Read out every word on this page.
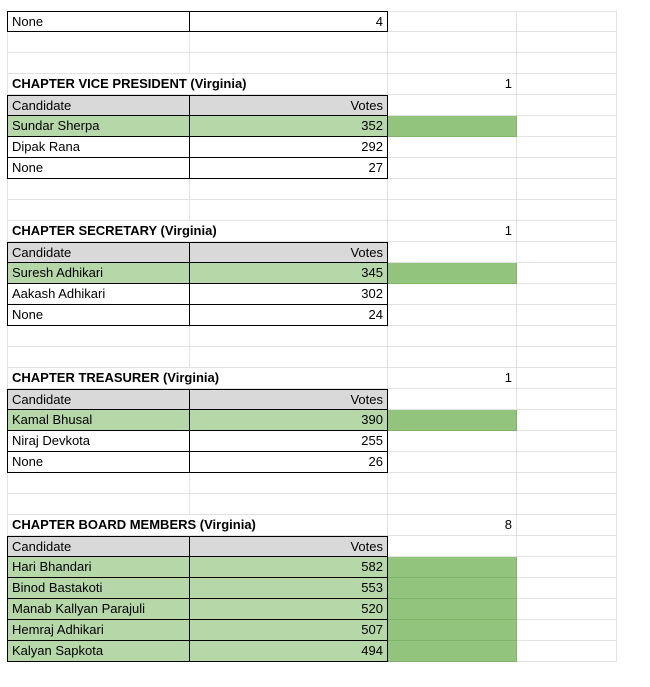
None	4
CHAPTER VICE PRESIDENT (Virginia)	1
Candidate	Votes
Sundar Sherpa	352
Dipak Rana	292
None	27
CHAPTER SECRETARY (Virginia)	1
Candidate	Votes
Suresh Adhikari	345
Aakash Adhikari	302
None	24
CHAPTER TREASURER (Virginia)	1
Candidate	Votes
Kamal Bhusal	390
Niraj Devkota	255
None	26
CHAPTER BOARD MEMBERS (Virginia)	8
Candidate	Votes
Hari Bhandari	582
Binod Bastakoti	553
Manab Kallyan Parajuli	520
Hemraj Adhikari	507
Kalyan Sapkota	494
